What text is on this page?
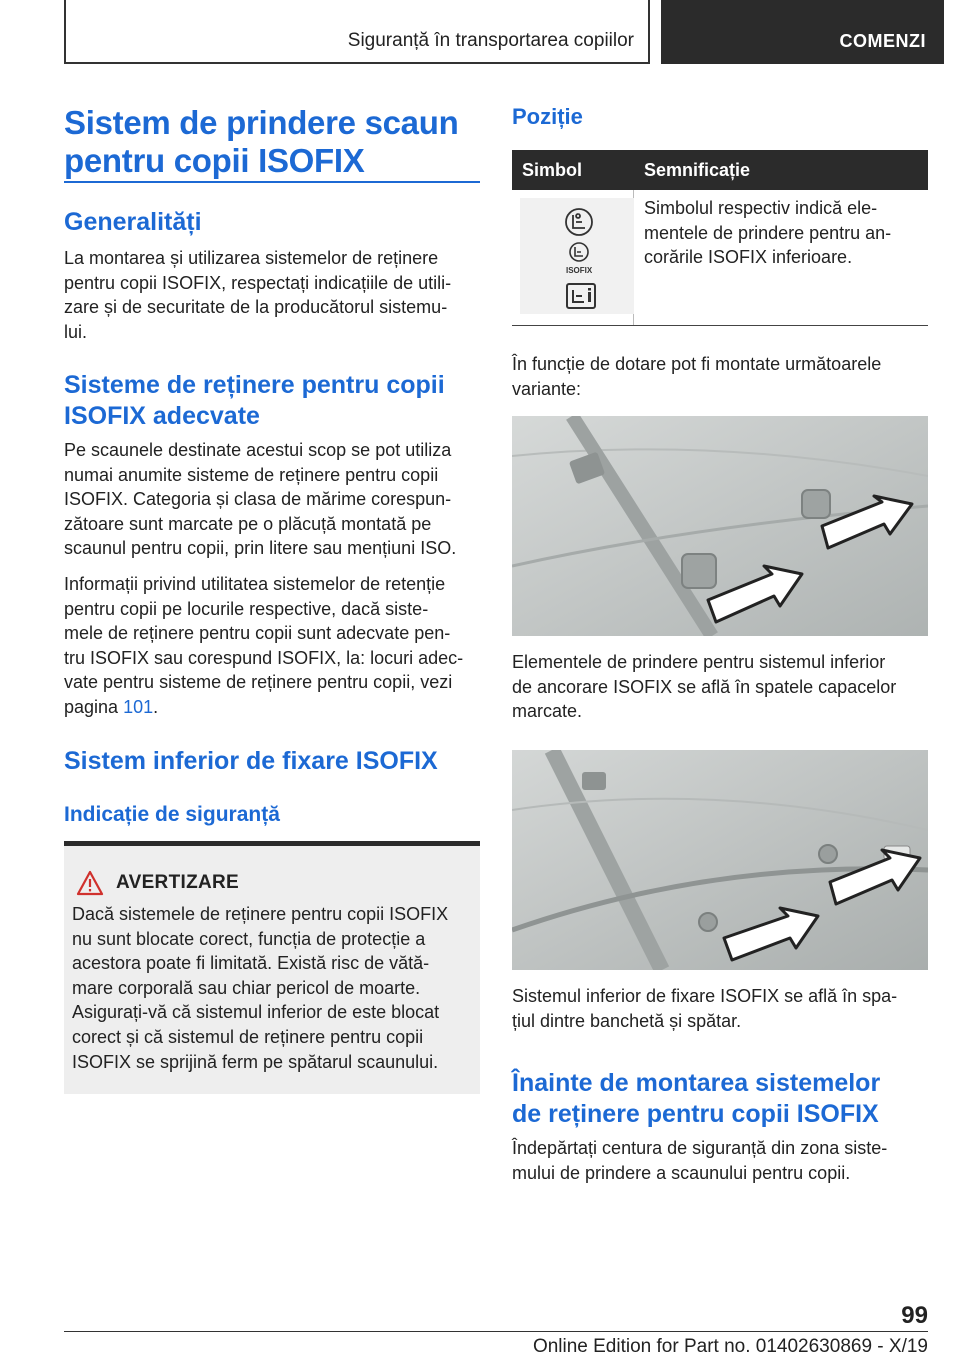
Siguranță în transportarea copiilor	COMENZI
Sistem de prindere scaun
pentru copii ISOFIX
Generalități
La montarea și utilizarea sistemelor de reținere
pentru copii ISOFIX, respectați indicațiile de utili‐
zare și de securitate de la producătorul sistemu‐
lui.
Sisteme de reținere pentru copii
ISOFIX adecvate
Pe scaunele destinate acestui scop se pot utiliza
numai anumite sisteme de reținere pentru copii
ISOFIX. Categoria și clasa de mărime corespun‐
zătoare sunt marcate pe o plăcuță montată pe
scaunul pentru copii, prin litere sau mențiuni ISO.
Informații privind utilitatea sistemelor de retenție
pentru copii pe locurile respective, dacă siste‐
mele de reținere pentru copii sunt adecvate pen‐
tru ISOFIX sau corespund ISOFIX, la: locuri adec‐
vate pentru sisteme de reținere pentru copii, vezi
pagina 101.
Sistem inferior de fixare ISOFIX
Indicație de siguranță
AVERTIZARE
Dacă sistemele de reținere pentru copii ISOFIX
nu sunt blocate corect, funcția de protecție a
acestora poate fi limitată. Există risc de vătă‐
mare corporală sau chiar pericol de moarte.
Asigurați-vă că sistemul inferior de este blocat
corect și că sistemul de reținere pentru copii
ISOFIX se sprijină ferm pe spătarul scaunului.
Poziție
Simbol	Semnificație
ISOFIX
Simbolul respectiv indică ele‐
mentele de prindere pentru an‐
corările ISOFIX inferioare.
În funcție de dotare pot fi montate următoarele
variante:
Elementele de prindere pentru sistemul inferior
de ancorare ISOFIX se află în spatele capacelor
marcate.
Sistemul inferior de fixare ISOFIX se află în spa‐
țiul dintre banchetă și spătar.
Înainte de montarea sistemelor
de reținere pentru copii ISOFIX
Îndepărtați centura de siguranță din zona siste‐
mului de prindere a scaunului pentru copii.
99
Online Edition for Part no. 01402630869 - X/19
